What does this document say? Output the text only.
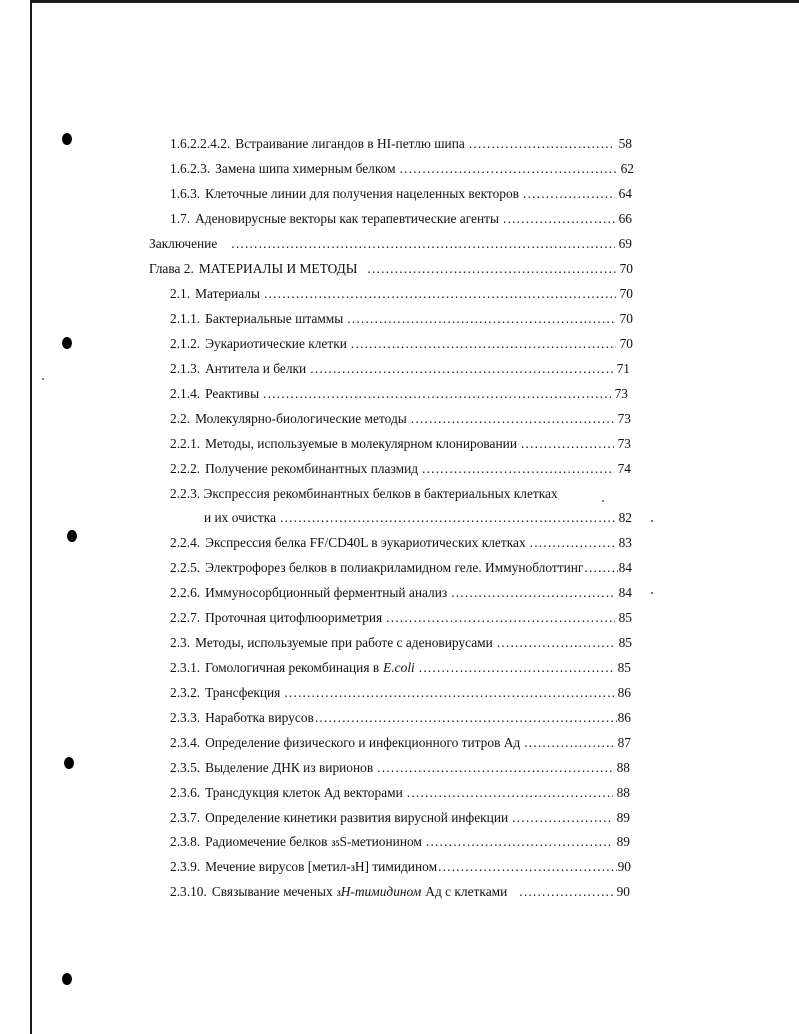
1.6.2.2.4.2. Встраивание лигандов в HI-петлю шипа .....	58
1.6.2.3. Замена шипа химерным белком .....	62
1.6.3. Клеточные линии для получения нацеленных векторов .....	64
1.7. Аденовирусные векторы как терапевтические агенты .....	66
Заключение .....	69
Глава 2. МАТЕРИАЛЫ И МЕТОДЫ .....	70
2.1. Материалы .....	70
2.1.1. Бактериальные штаммы .....	70
2.1.2. Эукариотические клетки .....	70
2.1.3. Антитела и белки .....	71
2.1.4. Реактивы .....	73
2.2. Молекулярно-биологические методы .....	73
2.2.1. Методы, используемые в молекулярном клонировании .....	73
2.2.2. Получение рекомбинантных плазмид .....	74
2.2.3. Экспрессия рекомбинантных белков в бактериальных клетках
и их очистка .....	82
2.2.4. Экспрессия белка FF/CD40L в эукариотических клетках .....	83
2.2.5. Электрофорез белков в полиакриламидном геле. Иммуноблоттинг .....	84
2.2.6. Иммуносорбционный ферментный анализ .....	84
2.2.7. Проточная цитофлюориметрия .....	85
2.3. Методы, используемые при работе с аденовирусами .....	85
2.3.1. Гомологичная рекомбинация в E.coli .....	85
2.3.2. Трансфекция .....	86
2.3.3. Наработка вирусов .....	86
2.3.4. Определение физического и инфекционного титров Ад .....	87
2.3.5. Выделение ДНК из вирионов .....	88
2.3.6. Трансдукция клеток Ад векторами .....	88
2.3.7. Определение кинетики развития вирусной инфекции .....	89
2.3.8. Радиомечение белков 35 S-метионином .....	89
2.3.9. Мечение вирусов [метил- 3 Н] тимидином .....	90
2.3.10. Связывание меченых 3 Н-тимидином Ад с клетками .....	90
